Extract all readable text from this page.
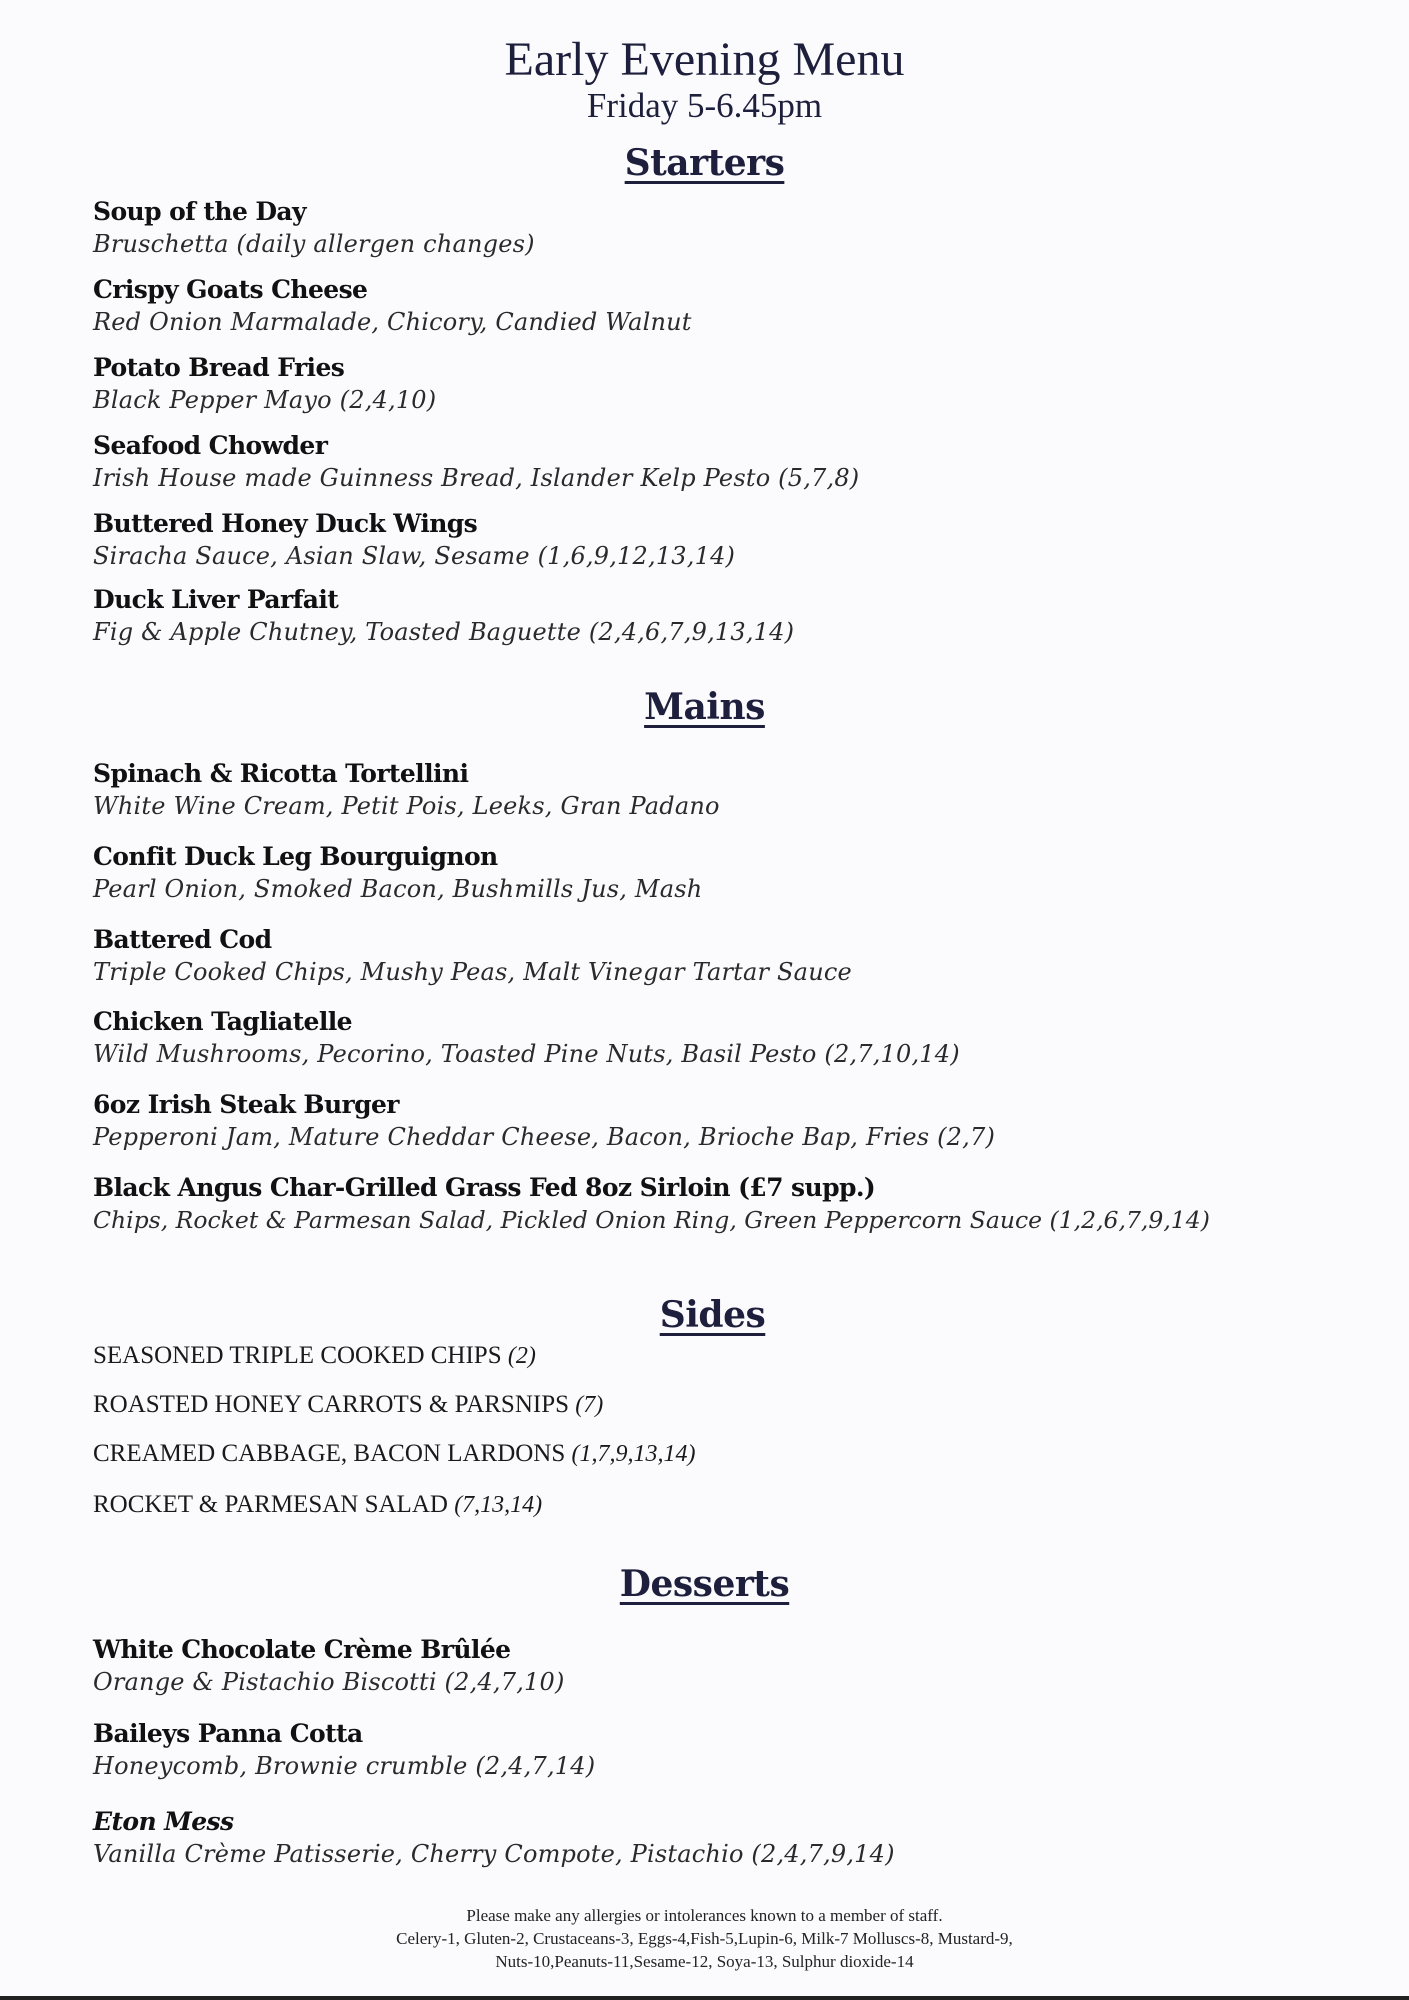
Early Evening Menu
Friday 5-6.45pm
Starters
Soup of the Day
Bruschetta (daily allergen changes)
Crispy Goats Cheese
Red Onion Marmalade, Chicory, Candied Walnut
Potato Bread Fries
Black Pepper Mayo (2,4,10)
Seafood Chowder
Irish House made Guinness Bread, Islander Kelp Pesto (5,7,8)
Buttered Honey Duck Wings
Siracha Sauce, Asian Slaw, Sesame (1,6,9,12,13,14)
Duck Liver Parfait
Fig & Apple Chutney, Toasted Baguette (2,4,6,7,9,13,14)
Mains
Spinach & Ricotta Tortellini
White Wine Cream, Petit Pois, Leeks, Gran Padano
Confit Duck Leg Bourguignon
Pearl Onion, Smoked Bacon, Bushmills Jus, Mash
Battered Cod
Triple Cooked Chips, Mushy Peas, Malt Vinegar Tartar Sauce
Chicken Tagliatelle
Wild Mushrooms, Pecorino, Toasted Pine Nuts, Basil Pesto (2,7,10,14)
6oz Irish Steak Burger
Pepperoni Jam, Mature Cheddar Cheese, Bacon, Brioche Bap, Fries (2,7)
Black Angus Char-Grilled Grass Fed 8oz Sirloin (£7 supp.)
Chips, Rocket & Parmesan Salad, Pickled Onion Ring, Green Peppercorn Sauce (1,2,6,7,9,14)
Sides
SEASONED TRIPLE COOKED CHIPS (2)
ROASTED HONEY CARROTS & PARSNIPS (7)
CREAMED CABBAGE, BACON LARDONS (1,7,9,13,14)
ROCKET & PARMESAN SALAD (7,13,14)
Desserts
White Chocolate Crème Brûlée
Orange & Pistachio Biscotti (2,4,7,10)
Baileys Panna Cotta
Honeycomb, Brownie crumble (2,4,7,14)
Eton Mess
Vanilla Crème Patisserie, Cherry Compote, Pistachio (2,4,7,9,14)
Please make any allergies or intolerances known to a member of staff.
Celery-1, Gluten-2, Crustaceans-3, Eggs-4,Fish-5,Lupin-6, Milk-7 Molluscs-8, Mustard-9,
Nuts-10,Peanuts-11,Sesame-12, Soya-13, Sulphur dioxide-14
